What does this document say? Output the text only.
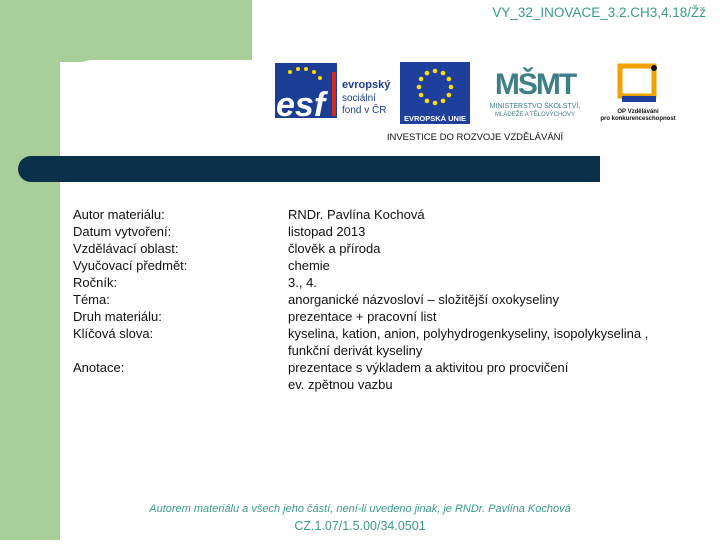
VY_32_INOVACE_3.2.CH3,4.18/Žž
esf
evropský
sociální
fond v ČR
EVROPSKÁ UNIE
MŠMT
MINISTERSTVO ŠKOLSTVÍ,
MLÁDEŽE A TĚLOVÝCHOVY	OP Vzdělávání
pro konkurenceschopnost
INVESTICE DO ROZVOJE VZDĚLÁVÁNÍ
Autor materiálu:	RNDr. Pavlína Kochová
Datum vytvoření:	listopad 2013
Vzdělávací oblast:	člověk a příroda
Vyučovací předmět:	chemie
Ročník:	3., 4.
Téma:	anorganické názvosloví – složitější oxokyseliny
Druh materiálu:	prezentace + pracovní list
Klíčová slova:	kyselina, kation, anion, polyhydrogenkyseliny, isopolykyselina ,
funkční derivát kyseliny
Anotace:	prezentace s výkladem a aktivitou pro procvičení
ev. zpětnou vazbu
Autorem materiálu a všech jeho částí, není-li uvedeno jinak, je RNDr. Pavlína Kochová
CZ.1.07/1.5.00/34.0501
